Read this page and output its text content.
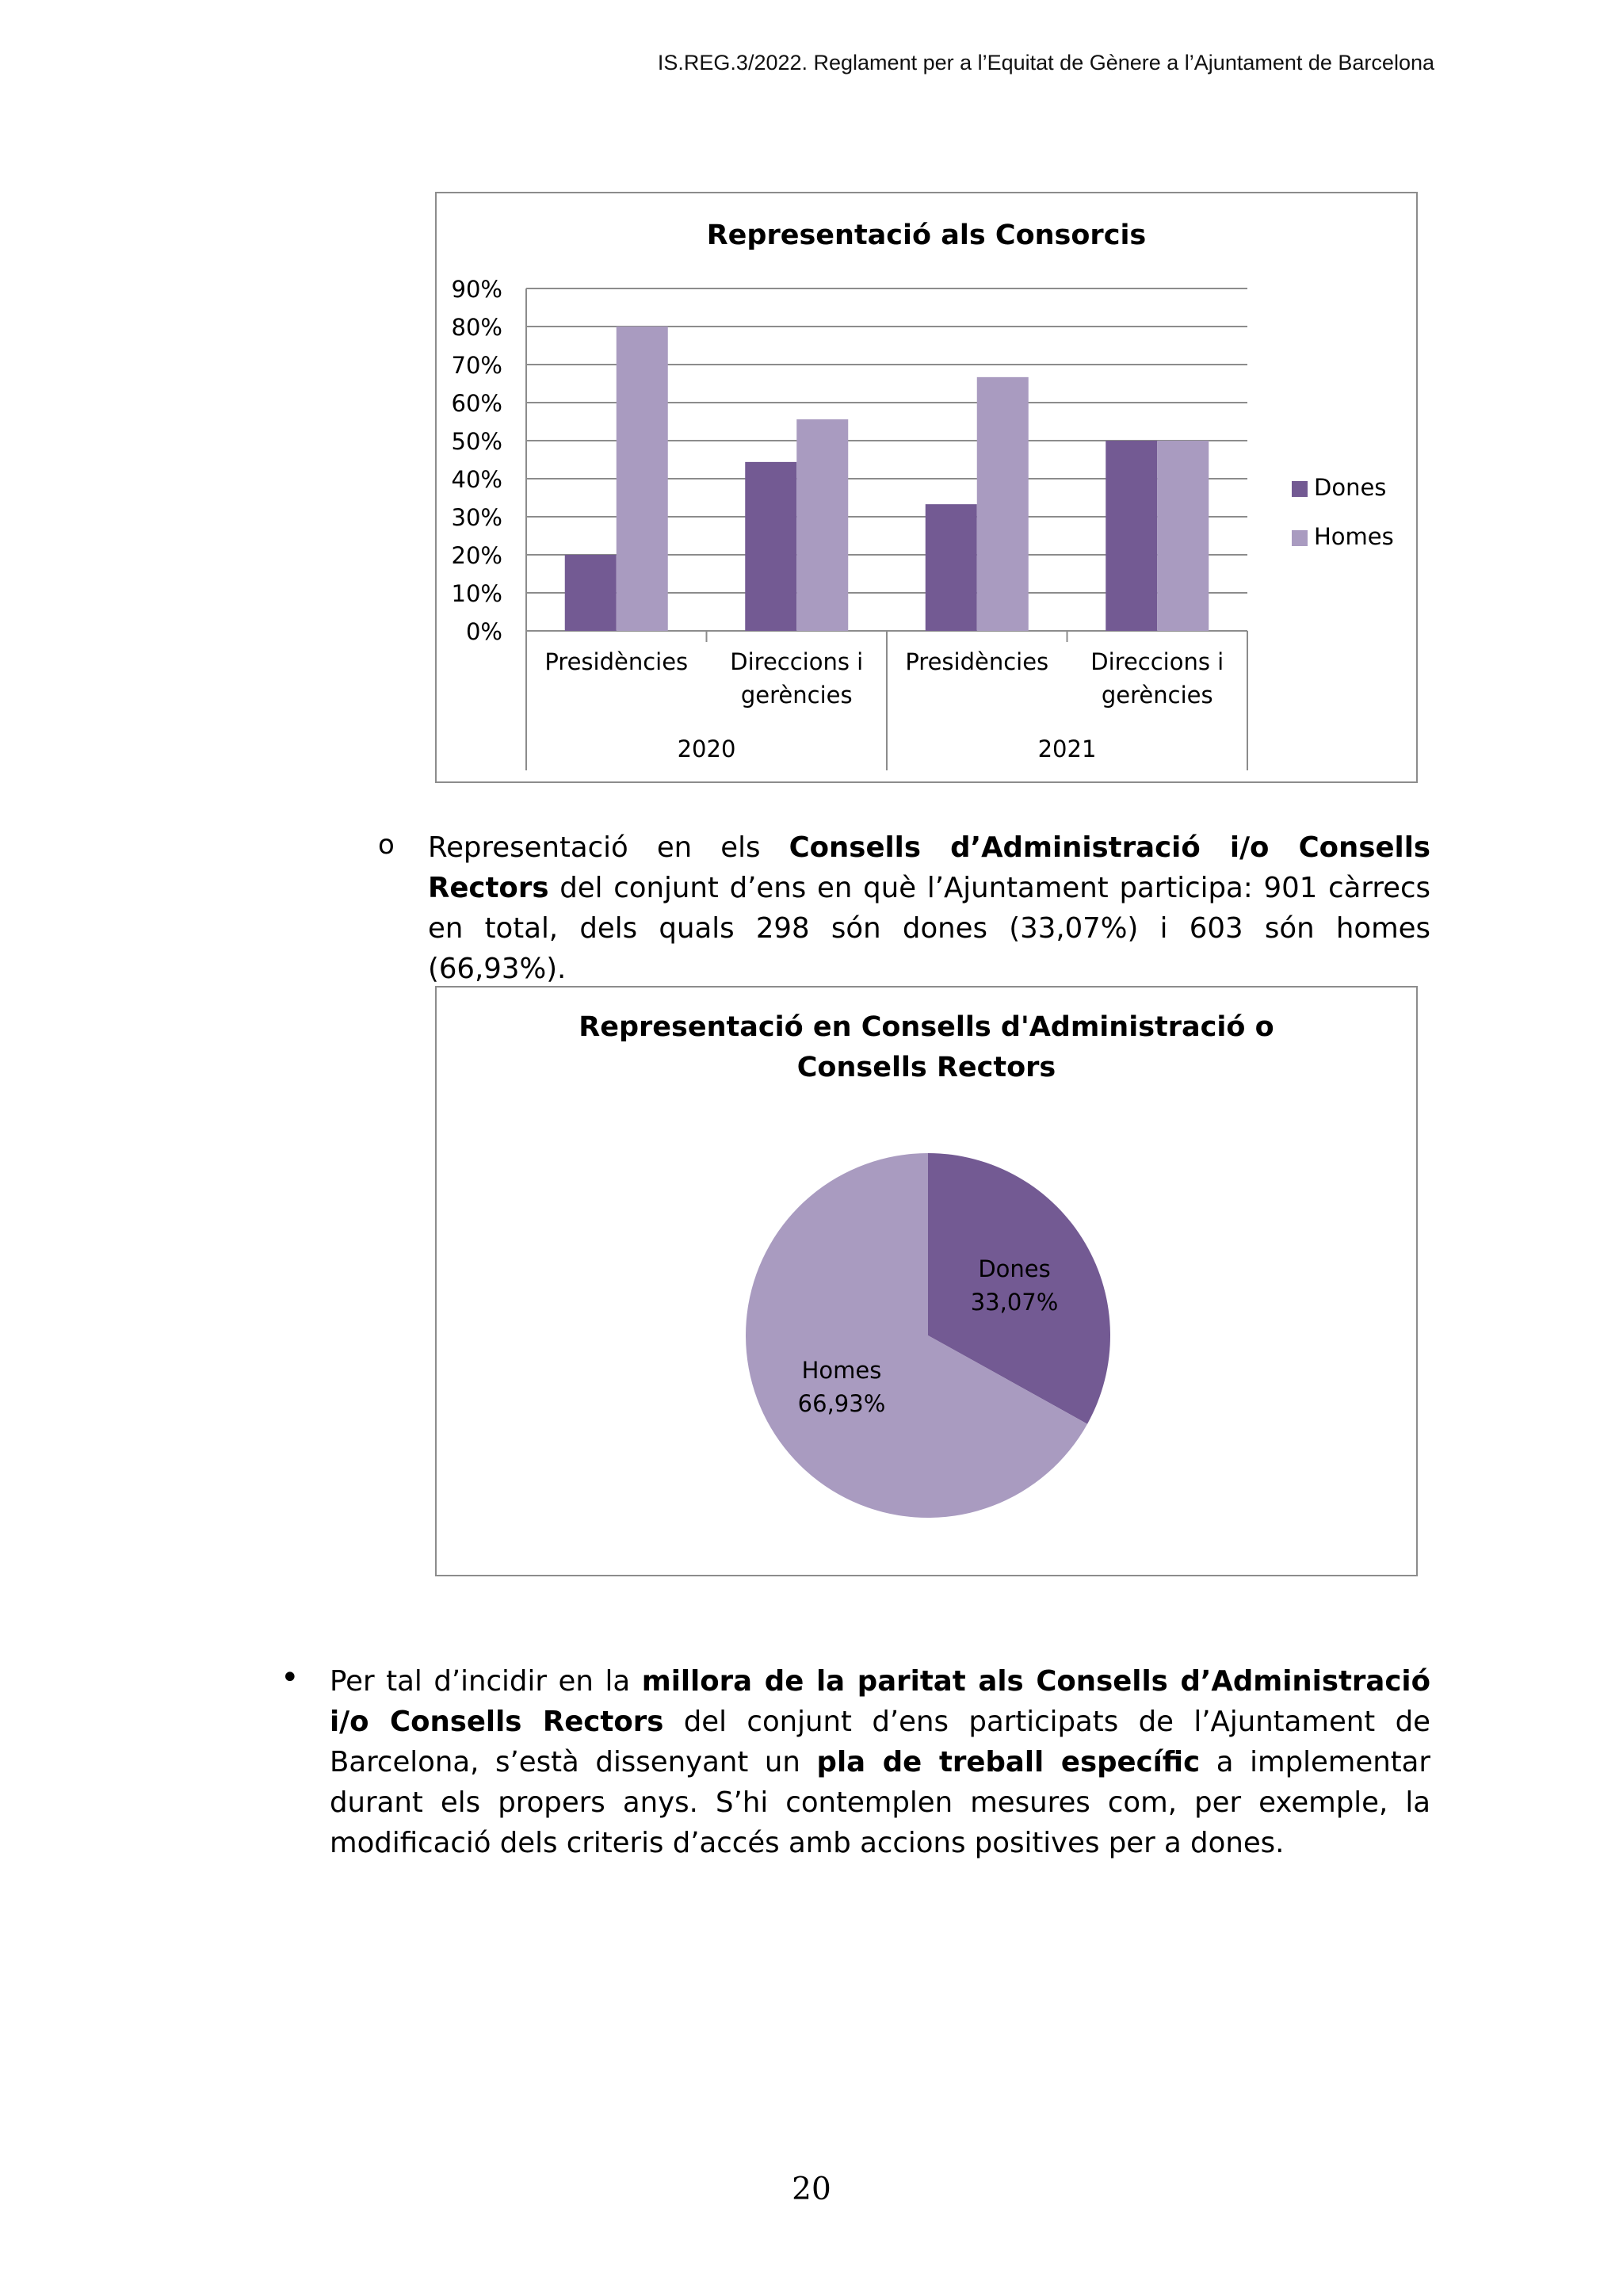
IS.REG.3/2022. Reglament per a l’Equitat de Gènere a l’Ajuntament de Barcelona
Representació als Consorcis
0%
10%
20%
30%
40%
50%
60%
70%
80%
90%
Presidències Direccions i gerències
Presidències Direccions i gerències
2020	2021
Dones
Homes
o Representació en els Consells d’Administració i/o Consells Rectors del conjunt d’ens en què l’Ajuntament participa: 901 càrrecs en total, dels quals 298 són dones (33,07%) i 603 són homes (66,93%).
Representació en Consells d'Administració o Consells Rectors
Dones 33,07%
Homes 66,93%
• Per tal d’incidir en la millora de la paritat als Consells d’Administració i/o Consells Rectors del conjunt d’ens participats de l’Ajuntament de Barcelona, s’està dissenyant un pla de treball específic a implementar durant els propers anys. S’hi contemplen mesures com, per exemple, la modificació dels criteris d’accés amb accions positives per a dones.
20
